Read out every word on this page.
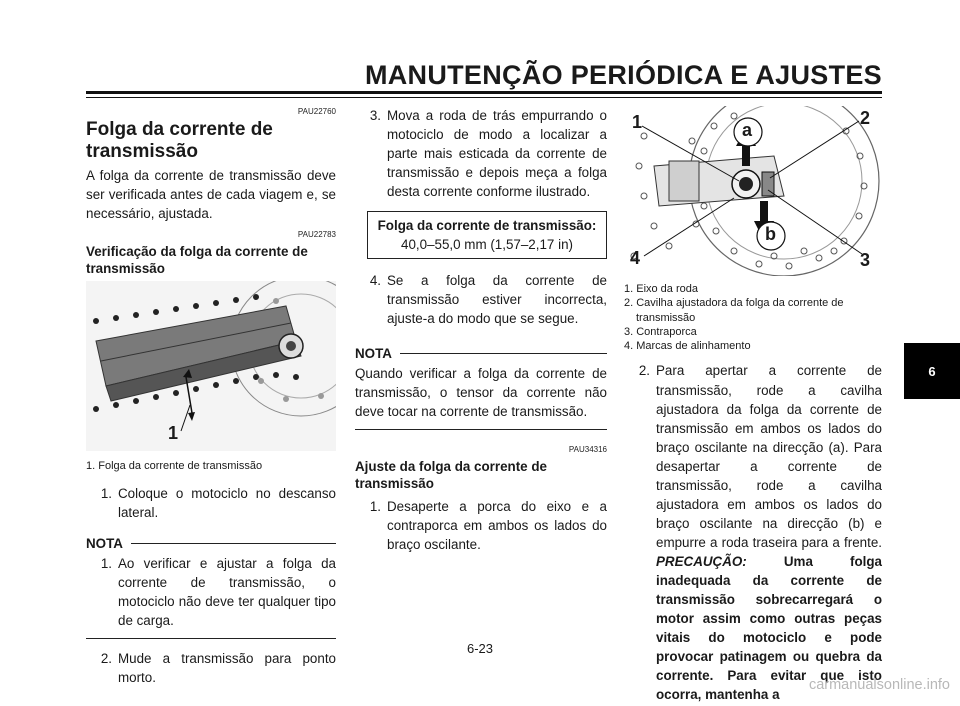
MANUTENÇÃO PERIÓDICA E AJUSTES
PAU22760
Folga da corrente de transmissão

A folga da corrente de transmissão deve ser verificada antes de cada viagem e, se necessário, ajustada.

PAU22783
Verificação da folga da corrente de transmissão
1
1. Folga da corrente de transmissão
1. Coloque o motociclo no descanso lateral.
NOTA
1. Ao verificar e ajustar a folga da corrente de transmissão, o motociclo não deve ter qualquer tipo de carga.
2. Mude a transmissão para ponto morto.
3. Mova a roda de trás empurrando o motociclo de modo a localizar a parte mais esticada da corrente de transmissão e depois meça a folga desta corrente conforme ilustrado.
Folga da corrente de transmissão:
40,0–55,0 mm (1,57–2,17 in)
4. Se a folga da corrente de transmissão estiver incorrecta, ajuste-a do modo que se segue.
NOTA

Quando verificar a folga da corrente de transmissão, o tensor da corrente não deve tocar na corrente de transmissão.

PAU34316
Ajuste da folga da corrente de transmissão
1. Desaperte a porca do eixo e a contraporca em ambos os lados do braço oscilante.
1	2
3
4
a
b
1. Eixo da roda
2. Cavilha ajustadora da folga da corrente de
transmissão
3. Contraporca
4. Marcas de alinhamento
2. Para apertar a corrente de transmissão, rode a cavilha ajustadora da folga da corrente de transmissão em ambos os lados do braço oscilante na direcção (a). Para desapertar a corrente de transmissão, rode a cavilha ajustadora em ambos os lados do braço oscilante na direcção (b) e empurre a roda traseira para a frente. PRECAUÇÃO:	Uma folga inadequada da corrente de transmissão sobrecarregará o motor assim como outras peças vitais do motociclo e pode provocar patinagem ou quebra da corrente. Para evitar que isto ocorra, mantenha a
6
6-23
carmanualsonline.info
